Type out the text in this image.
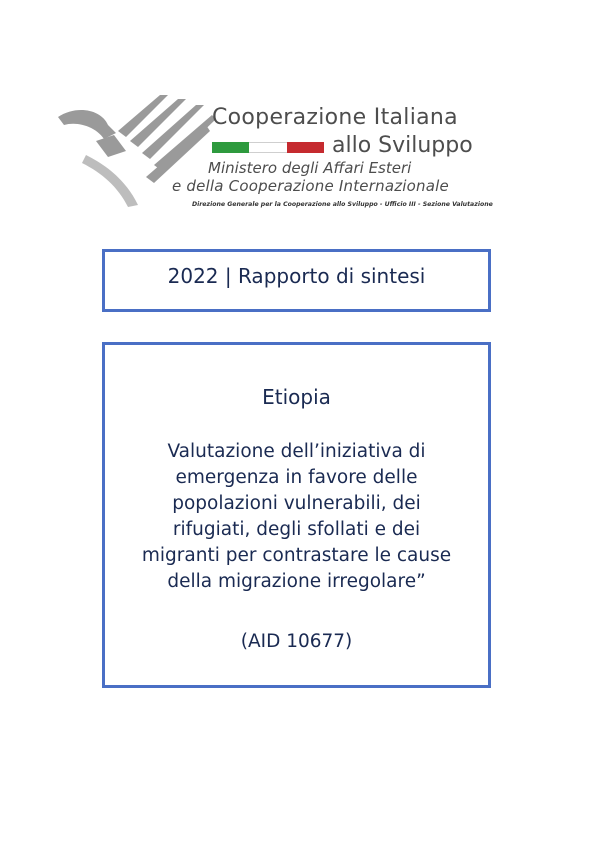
Cooperazione Italiana
allo Sviluppo
Ministero degli Affari Esteri
e della Cooperazione Internazionale
Direzione Generale per la Cooperazione allo Sviluppo - Ufficio III - Sezione Valutazione
2022 | Rapporto di sintesi
Etiopia
Valutazione dell’iniziativa di
emergenza in favore delle
popolazioni vulnerabili, dei
rifugiati, degli sfollati e dei
migranti per contrastare le cause
della migrazione irregolare”
(AID 10677)
